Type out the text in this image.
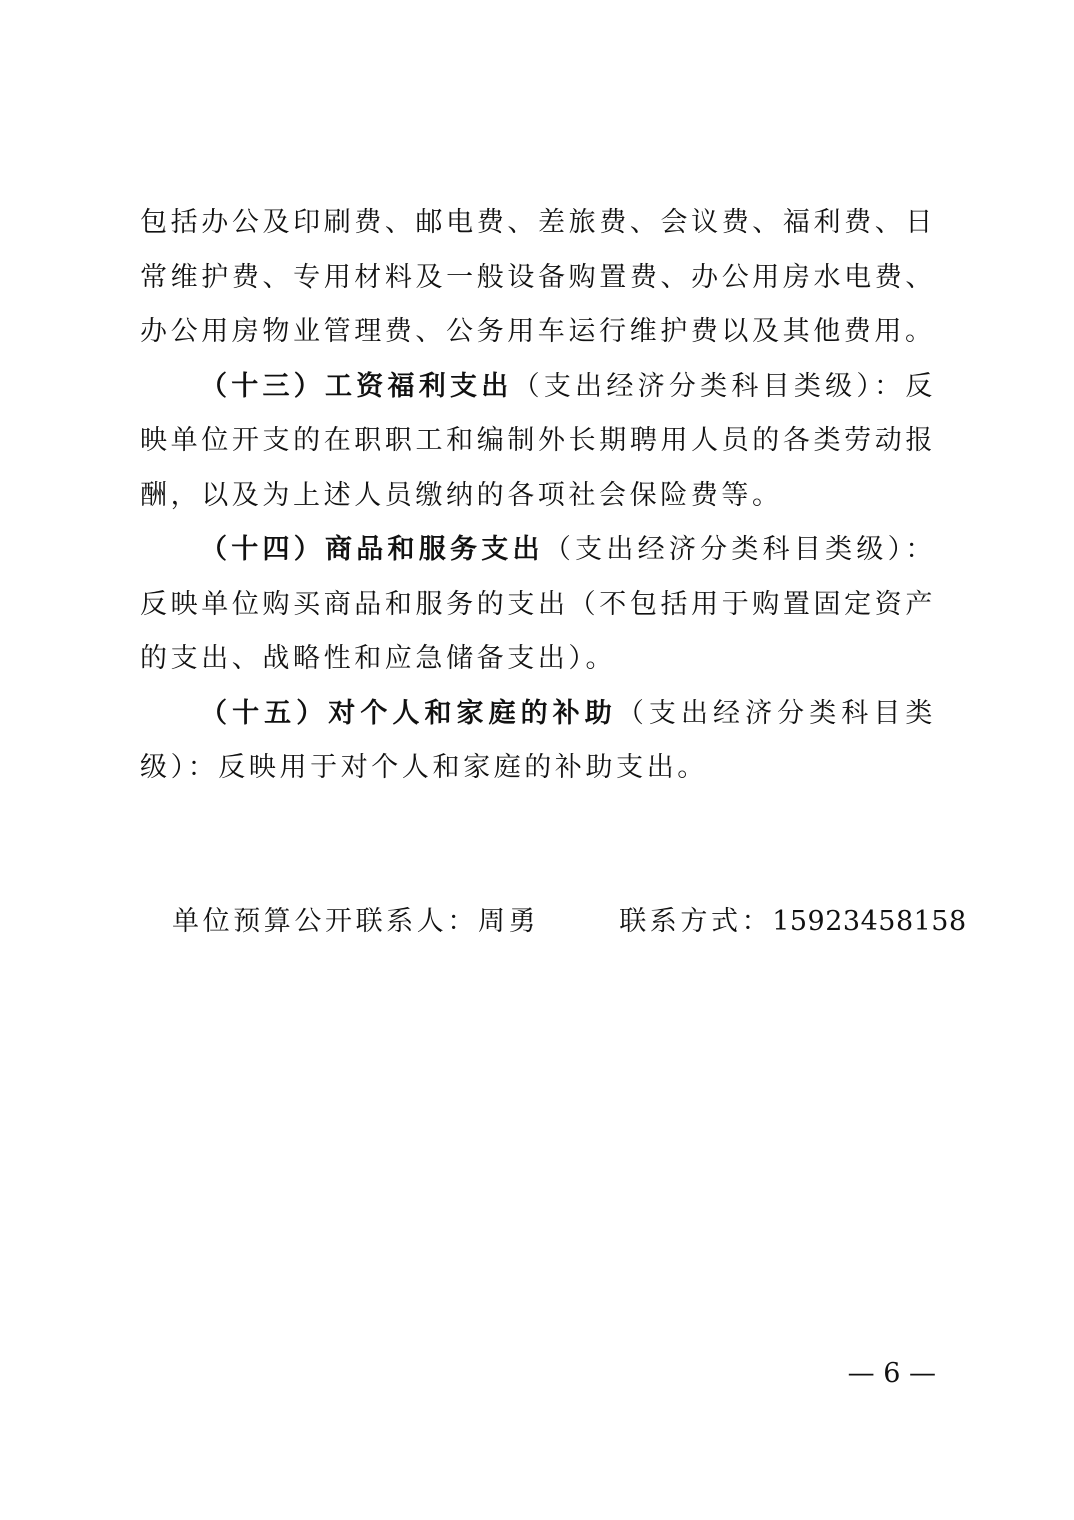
包括办公及印刷费、邮电费、差旅费、会议费、福利费、日常维护费、专用材料及一般设备购置费、办公用房水电费、办公用房物业管理费、公务用车运行维护费以及其他费用。

（十三）工资福利支出（支出经济分类科目类级）：反映单位开支的在职职工和编制外长期聘用人员的各类劳动报酬，以及为上述人员缴纳的各项社会保险费等。

（十四）商品和服务支出（支出经济分类科目类级）：反映单位购买商品和服务的支出（不包括用于购置固定资产的支出、战略性和应急储备支出）。

（十五）对个人和家庭的补助（支出经济分类科目类级）：反映用于对个人和家庭的补助支出。

单位预算公开联系人：周勇	联系方式：15923458158
— 6 —
